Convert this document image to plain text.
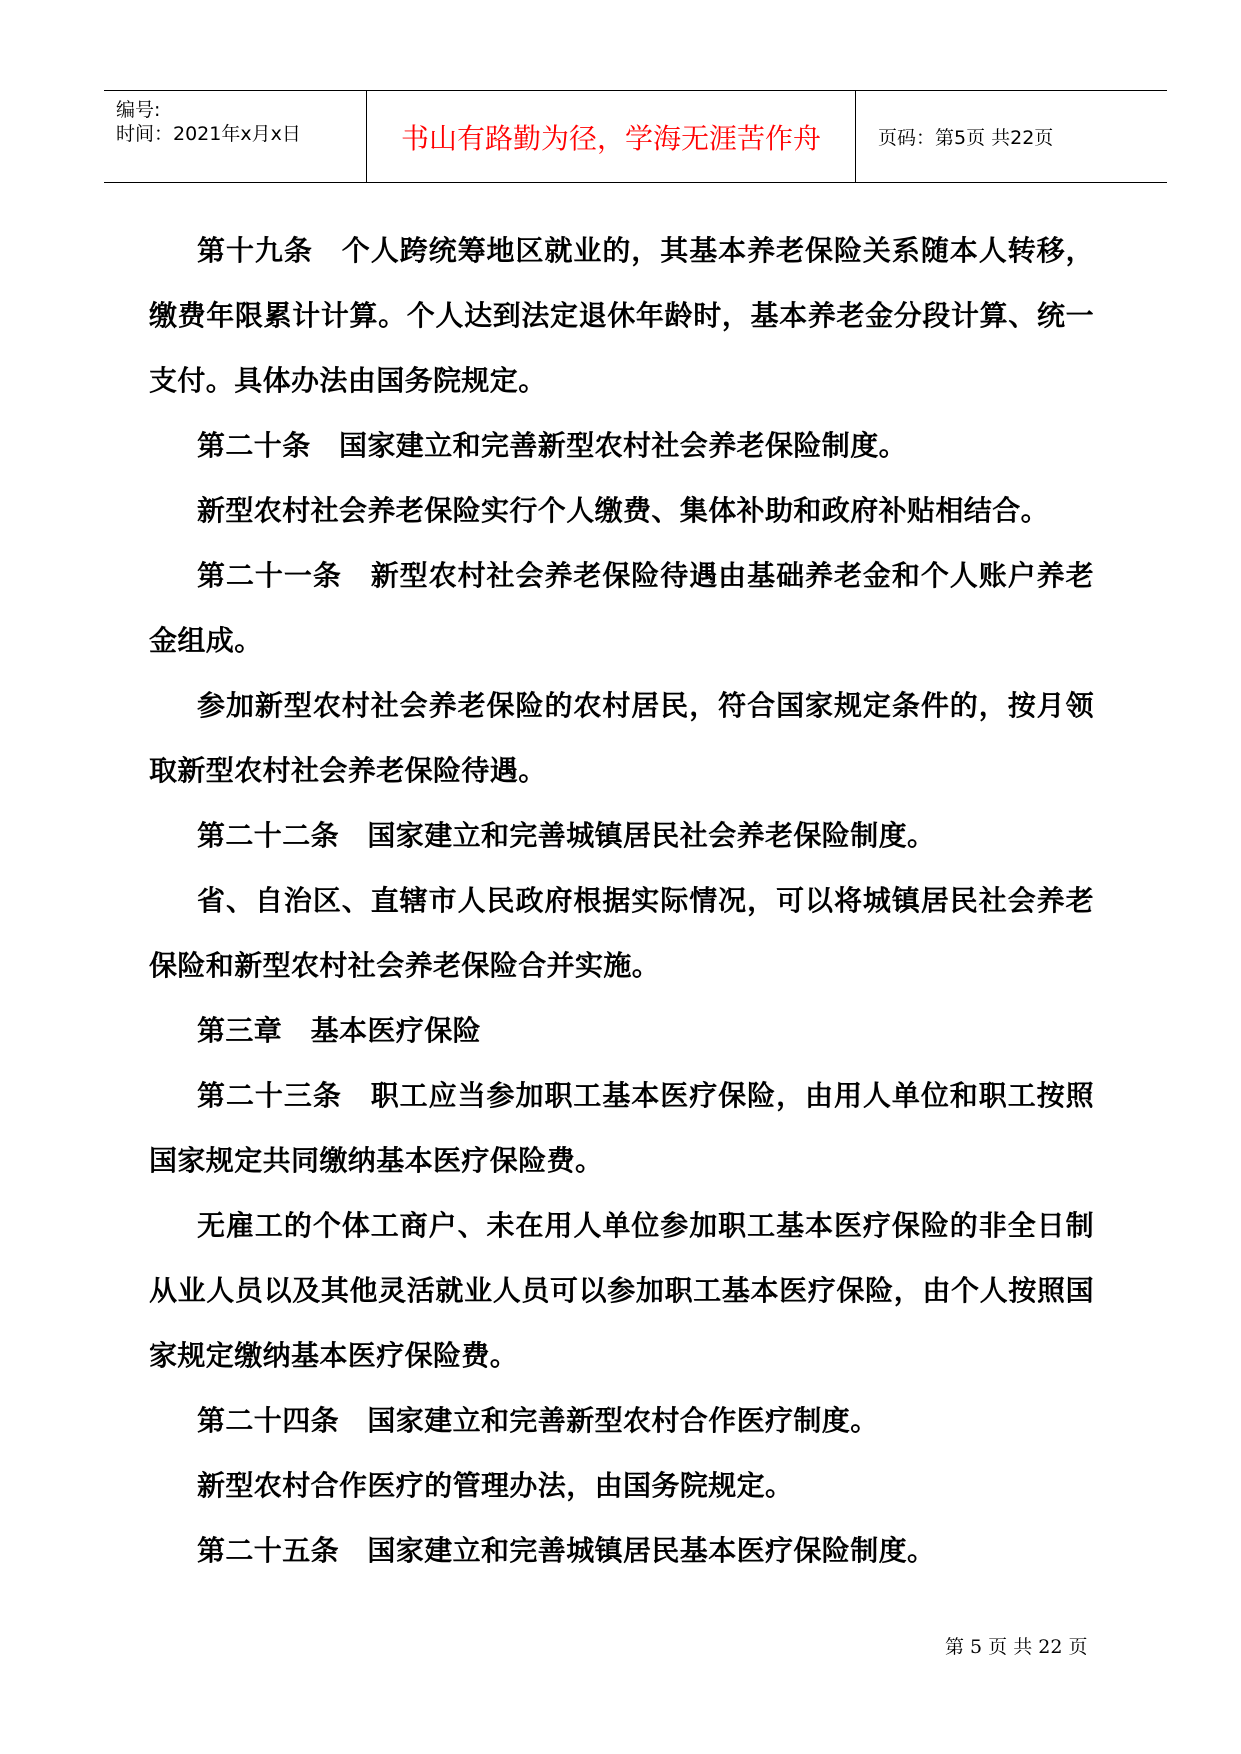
编号:
时间：2021年x月x日	书山有路勤为径，学海无涯苦作舟	页码：第5页 共22页

第十九条　个人跨统筹地区就业的，其基本养老保险关系随本人转移，缴费年限累计计算。个人达到法定退休年龄时，基本养老金分段计算、统一支付。具体办法由国务院规定。

第二十条　国家建立和完善新型农村社会养老保险制度。

新型农村社会养老保险实行个人缴费、集体补助和政府补贴相结合。

第二十一条　新型农村社会养老保险待遇由基础养老金和个人账户养老金组成。

参加新型农村社会养老保险的农村居民，符合国家规定条件的，按月领取新型农村社会养老保险待遇。

第二十二条　国家建立和完善城镇居民社会养老保险制度。

省、自治区、直辖市人民政府根据实际情况，可以将城镇居民社会养老保险和新型农村社会养老保险合并实施。

第三章　基本医疗保险

第二十三条　职工应当参加职工基本医疗保险，由用人单位和职工按照国家规定共同缴纳基本医疗保险费。

无雇工的个体工商户、未在用人单位参加职工基本医疗保险的非全日制从业人员以及其他灵活就业人员可以参加职工基本医疗保险，由个人按照国家规定缴纳基本医疗保险费。

第二十四条　国家建立和完善新型农村合作医疗制度。

新型农村合作医疗的管理办法，由国务院规定。

第二十五条　国家建立和完善城镇居民基本医疗保险制度。

第 5 页 共 22 页
